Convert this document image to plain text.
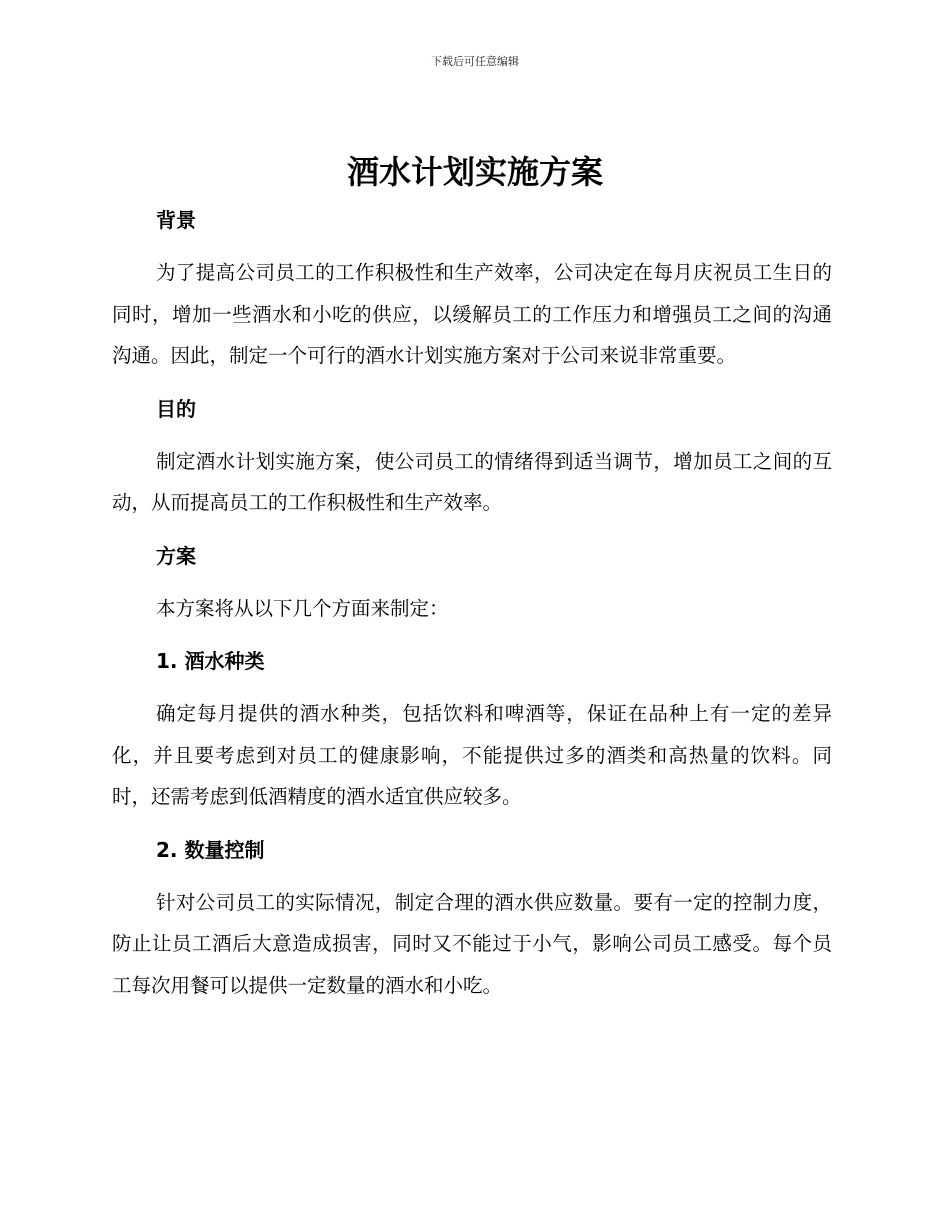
下载后可任意编辑
酒水计划实施方案
背景

为了提高公司员工的工作积极性和生产效率，公司决定在每月庆祝员工生日的同时，增加一些酒水和小吃的供应，以缓解员工的工作压力和增强员工之间的沟通沟通。因此，制定一个可行的酒水计划实施方案对于公司来说非常重要。

目的

制定酒水计划实施方案，使公司员工的情绪得到适当调节，增加员工之间的互动，从而提高员工的工作积极性和生产效率。

方案

本方案将从以下几个方面来制定：

1. 酒水种类

确定每月提供的酒水种类，包括饮料和啤酒等，保证在品种上有一定的差异化，并且要考虑到对员工的健康影响，不能提供过多的酒类和高热量的饮料。同时，还需考虑到低酒精度的酒水适宜供应较多。

2. 数量控制

针对公司员工的实际情况，制定合理的酒水供应数量。要有一定的控制力度，防止让员工酒后大意造成损害，同时又不能过于小气，影响公司员工感受。每个员工每次用餐可以提供一定数量的酒水和小吃。
